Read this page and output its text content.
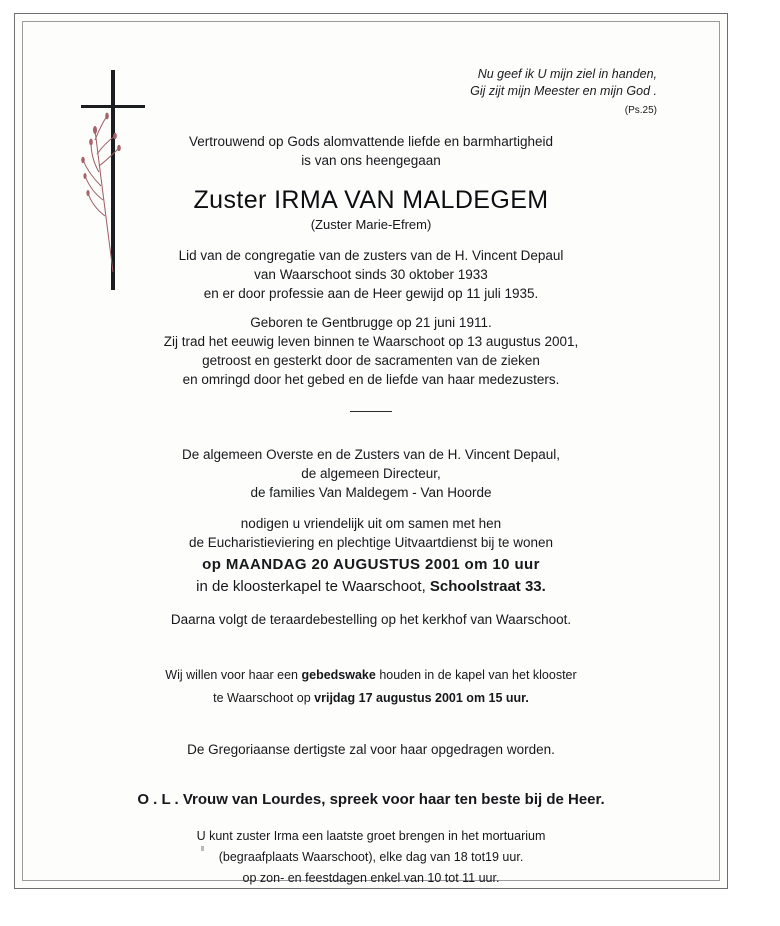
Nu geef ik U mijn ziel in handen,
Gij zijt mijn Meester en mijn God .
(Ps.25)
Vertrouwend op Gods alomvattende liefde en barmhartigheid
is van ons heengegaan
Zuster IRMA VAN MALDEGEM
(Zuster Marie-Efrem)
Lid van de congregatie van de zusters van de H. Vincent Depaul
van Waarschoot sinds 30 oktober 1933
en er door professie aan de Heer gewijd op 11 juli 1935.
Geboren te Gentbrugge op 21 juni 1911.
Zij trad het eeuwig leven binnen te Waarschoot op 13 augustus 2001,
getroost en gesterkt door de sacramenten van de zieken
en omringd door het gebed en de liefde van haar medezusters.
De algemeen Overste en de Zusters van de H. Vincent Depaul,
de algemeen Directeur,
de families Van Maldegem - Van Hoorde
nodigen u vriendelijk uit om samen met hen
de Eucharistieviering en plechtige Uitvaartdienst bij te wonen
op MAANDAG 20 AUGUSTUS 2001 om 10 uur
in de kloosterkapel te Waarschoot, Schoolstraat 33.
Daarna volgt de teraardebestelling op het kerkhof van Waarschoot.
Wij willen voor haar een gebedswake houden in de kapel van het klooster
te Waarschoot op vrijdag 17 augustus 2001 om 15 uur.
De Gregoriaanse dertigste zal voor haar opgedragen worden.
O . L . Vrouw van Lourdes, spreek voor haar ten beste bij de Heer.
U kunt zuster Irma een laatste groet brengen in het mortuarium
(begraafplaats Waarschoot), elke dag van 18 tot19 uur.
op zon- en feestdagen enkel van 10 tot 11 uur.
